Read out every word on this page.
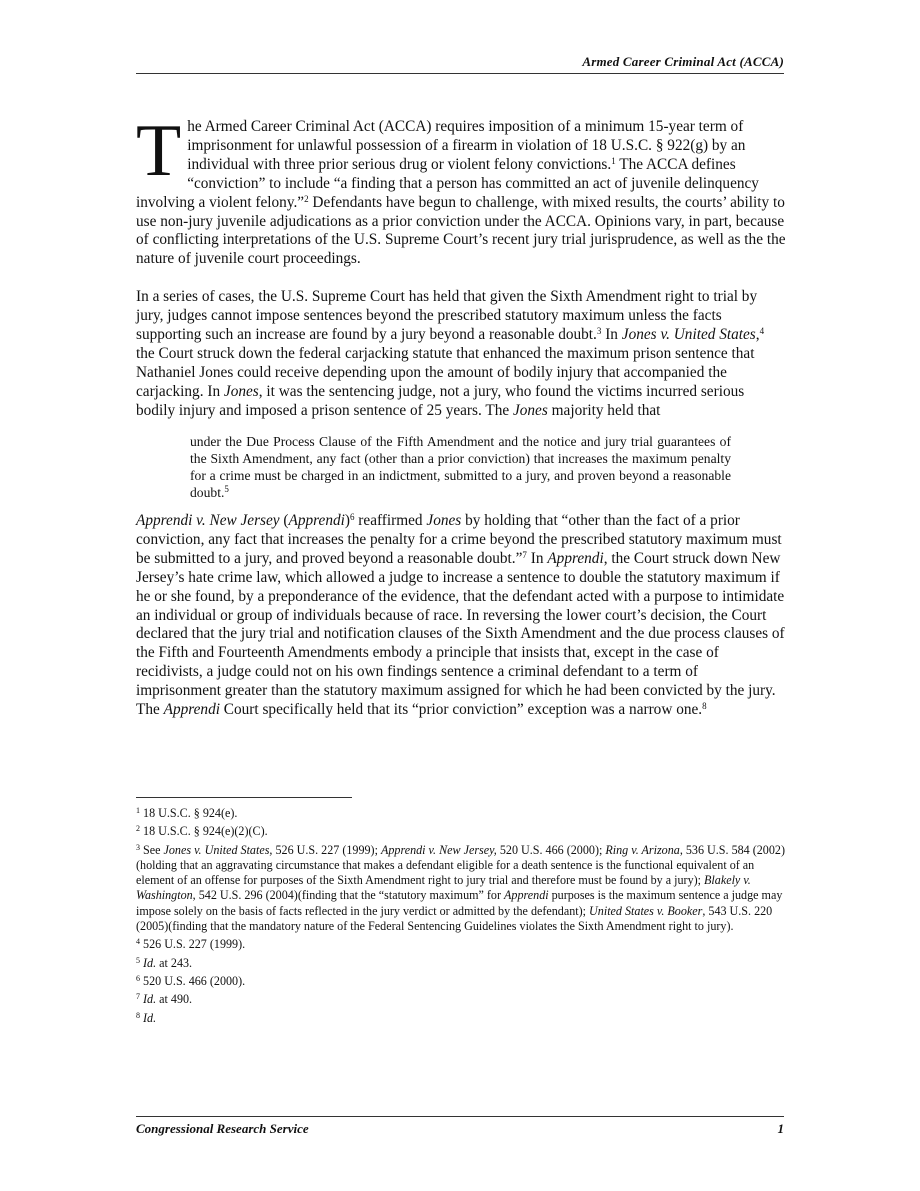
Armed Career Criminal Act (ACCA)

The Armed Career Criminal Act (ACCA) requires imposition of a minimum 15-year term of imprisonment for unlawful possession of a firearm in violation of 18 U.S.C. § 922(g) by an individual with three prior serious drug or violent felony convictions.$^1$ The ACCA defines “conviction” to include “a finding that a person has committed an act of juvenile delinquency involving a violent felony.”$^2$ Defendants have begun to challenge, with mixed results, the courts’ ability to use non-jury juvenile adjudications as a prior conviction under the ACCA. Opinions vary, in part, because of conflicting interpretations of the U.S. Supreme Court’s recent jury trial jurisprudence, as well as the the nature of juvenile court proceedings.

In a series of cases, the U.S. Supreme Court has held that given the Sixth Amendment right to trial by jury, judges cannot impose sentences beyond the prescribed statutory maximum unless the facts supporting such an increase are found by a jury beyond a reasonable doubt.$^3$ In Jones v. United States,$^4$ the Court struck down the federal carjacking statute that enhanced the maximum prison sentence that Nathaniel Jones could receive depending upon the amount of bodily injury that accompanied the carjacking. In Jones, it was the sentencing judge, not a jury, who found the victims incurred serious bodily injury and imposed a prison sentence of 25 years. The Jones majority held that

under the Due Process Clause of the Fifth Amendment and the notice and jury trial guarantees of the Sixth Amendment, any fact (other than a prior conviction) that increases the maximum penalty for a crime must be charged in an indictment, submitted to a jury, and proven beyond a reasonable doubt.$^5$

Apprendi v. New Jersey (Apprendi)$^6$ reaffirmed Jones by holding that “other than the fact of a prior conviction, any fact that increases the penalty for a crime beyond the prescribed statutory maximum must be submitted to a jury, and proved beyond a reasonable doubt.”$^7$ In Apprendi, the Court struck down New Jersey’s hate crime law, which allowed a judge to increase a sentence to double the statutory maximum if he or she found, by a preponderance of the evidence, that the defendant acted with a purpose to intimidate an individual or group of individuals because of race. In reversing the lower court’s decision, the Court declared that the jury trial and notification clauses of the Sixth Amendment and the due process clauses of the Fifth and Fourteenth Amendments embody a principle that insists that, except in the case of recidivists, a judge could not on his own findings sentence a criminal defendant to a term of imprisonment greater than the statutory maximum assigned for which he had been convicted by the jury. The Apprendi Court specifically held that its “prior conviction” exception was a narrow one.$^8$

$^1$ 18 U.S.C. § 924(e).
$^2$ 18 U.S.C. § 924(e)(2)(C).
$^3$ See Jones v. United States, 526 U.S. 227 (1999); Apprendi v. New Jersey, 520 U.S. 466 (2000); Ring v. Arizona, 536 U.S. 584 (2002)(holding that an aggravating circumstance that makes a defendant eligible for a death sentence is the functional equivalent of an element of an offense for purposes of the Sixth Amendment right to jury trial and therefore must be found by a jury); Blakely v. Washington, 542 U.S. 296 (2004)(finding that the “statutory maximum” for Apprendi purposes is the maximum sentence a judge may impose solely on the basis of facts reflected in the jury verdict or admitted by the defendant); United States v. Booker, 543 U.S. 220 (2005)(finding that the mandatory nature of the Federal Sentencing Guidelines violates the Sixth Amendment right to jury).
$^4$ 526 U.S. 227 (1999).
$^5$ Id. at 243.
$^6$ 520 U.S. 466 (2000).
$^7$ Id. at 490.
$^8$ Id.
Congressional Research Service	1
